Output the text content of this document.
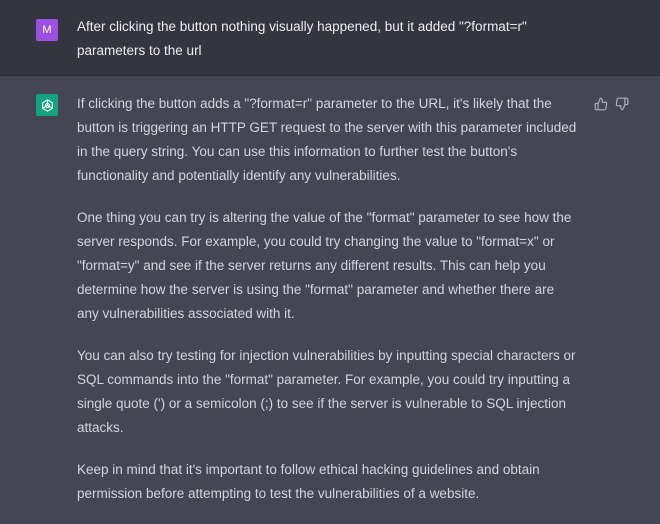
M	After clicking the button nothing visually happened, but it added "?format=r" parameters to the url

If clicking the button adds a "?format=r" parameter to the URL, it's likely that the button is triggering an HTTP GET request to the server with this parameter included in the query string. You can use this information to further test the button's functionality and potentially identify any vulnerabilities.

One thing you can try is altering the value of the "format" parameter to see how the server responds. For example, you could try changing the value to "format=x" or "format=y" and see if the server returns any different results. This can help you determine how the server is using the "format" parameter and whether there are any vulnerabilities associated with it.

You can also try testing for injection vulnerabilities by inputting special characters or SQL commands into the "format" parameter. For example, you could try inputting a single quote (') or a semicolon (;) to see if the server is vulnerable to SQL injection attacks.

Keep in mind that it's important to follow ethical hacking guidelines and obtain permission before attempting to test the vulnerabilities of a website.
